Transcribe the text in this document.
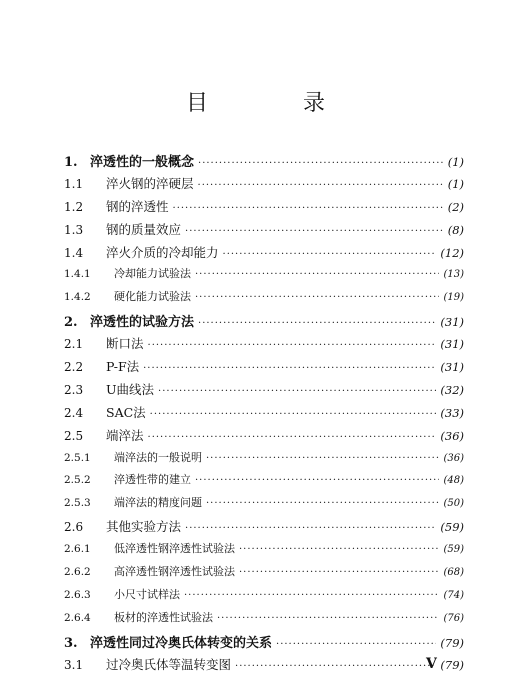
目 录
1. 淬透性的一般概念 ·····	(1)
1.1	淬火钢的淬硬层 ·····	(1)
1.2	钢的淬透性 ·····	(2)
1.3	钢的质量效应 ·····	(8)
1.4	淬火介质的冷却能力 ·····	(12)
1.4.1	冷却能力试验法 ·····	(13)
1.4.2	硬化能力试验法 ·····	(19)
2. 淬透性的试验方法 ·····	(31)
2.1	断口法 ·····	(31)
2.2	P-F法 ·····	(31)
2.3	U曲线法 ·····	(32)
2.4	SAC法 ·····	(33)
2.5	端淬法 ·····	(36)
2.5.1	端淬法的一般说明 ·····	(36)
2.5.2	淬透性带的建立 ·····	(48)
2.5.3	端淬法的精度问题 ·····	(50)
2.6	其他实验方法 ·····	(59)
2.6.1	低淬透性钢淬透性试验法 ·····	(59)
2.6.2	高淬透性钢淬透性试验法 ·····	(68)
2.6.3	小尺寸试样法 ·····	(74)
2.6.4	板材的淬透性试验法 ·····	(76)
3. 淬透性同过冷奥氏体转变的关系 ·····	(79)
3.1	过冷奥氏体等温转变图 ·····	(79)
V
